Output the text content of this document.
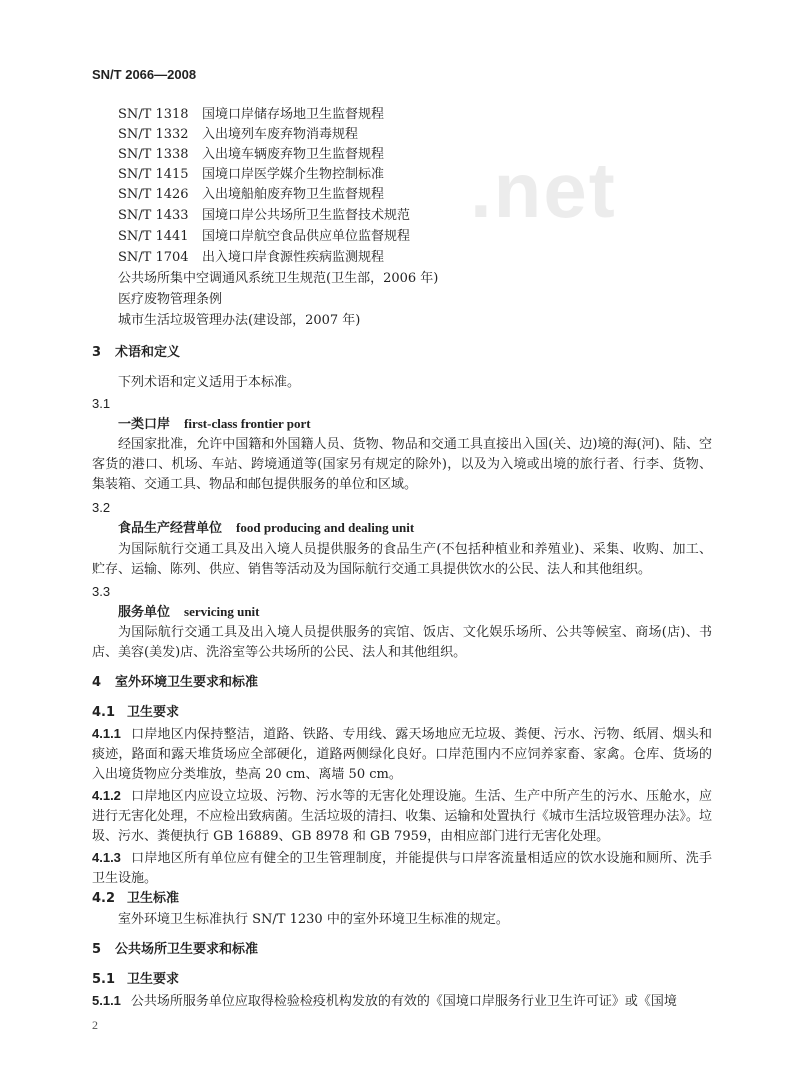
SN/T 2066—2008
.net
SN/T 1318 国境口岸储存场地卫生监督规程
SN/T 1332 入出境列车废弃物消毒规程
SN/T 1338 入出境车辆废弃物卫生监督规程
SN/T 1415 国境口岸医学媒介生物控制标准
SN/T 1426 入出境船舶废弃物卫生监督规程
SN/T 1433 国境口岸公共场所卫生监督技术规范
SN/T 1441 国境口岸航空食品供应单位监督规程
SN/T 1704 出入境口岸食源性疾病监测规程
公共场所集中空调通风系统卫生规范(卫生部，2006 年)
医疗废物管理条例
城市生活垃圾管理办法(建设部，2007 年)
3 术语和定义
下列术语和定义适用于本标准。
3.1
一类口岸 first-class frontier port
经国家批准，允许中国籍和外国籍人员、货物、物品和交通工具直接出入国(关、边)境的海(河)、陆、空客货的港口、机场、车站、跨境通道等(国家另有规定的除外)，以及为入境或出境的旅行者、行李、货物、集装箱、交通工具、物品和邮包提供服务的单位和区域。
3.2
食品生产经营单位 food producing and dealing unit
为国际航行交通工具及出入境人员提供服务的食品生产(不包括种植业和养殖业)、采集、收购、加工、贮存、运输、陈列、供应、销售等活动及为国际航行交通工具提供饮水的公民、法人和其他组织。
3.3
服务单位 servicing unit
为国际航行交通工具及出入境人员提供服务的宾馆、饭店、文化娱乐场所、公共等候室、商场(店)、书店、美容(美发)店、洗浴室等公共场所的公民、法人和其他组织。
4 室外环境卫生要求和标准
4.1 卫生要求
4.1.1 口岸地区内保持整洁，道路、铁路、专用线、露天场地应无垃圾、粪便、污水、污物、纸屑、烟头和痰迹，路面和露天堆货场应全部硬化，道路两侧绿化良好。口岸范围内不应饲养家畜、家禽。仓库、货场的入出境货物应分类堆放，垫高 20 cm、离墙 50 cm。
4.1.2 口岸地区内应设立垃圾、污物、污水等的无害化处理设施。生活、生产中所产生的污水、压舱水，应进行无害化处理，不应检出致病菌。生活垃圾的清扫、收集、运输和处置执行《城市生活垃圾管理办法》。垃圾、污水、粪便执行 GB 16889、GB 8978 和 GB 7959，由相应部门进行无害化处理。
4.1.3 口岸地区所有单位应有健全的卫生管理制度，并能提供与口岸客流量相适应的饮水设施和厕所、洗手卫生设施。
4.2 卫生标准
室外环境卫生标准执行 SN/T 1230 中的室外环境卫生标准的规定。
5 公共场所卫生要求和标准
5.1 卫生要求
5.1.1 公共场所服务单位应取得检验检疫机构发放的有效的《国境口岸服务行业卫生许可证》或《国境
2
